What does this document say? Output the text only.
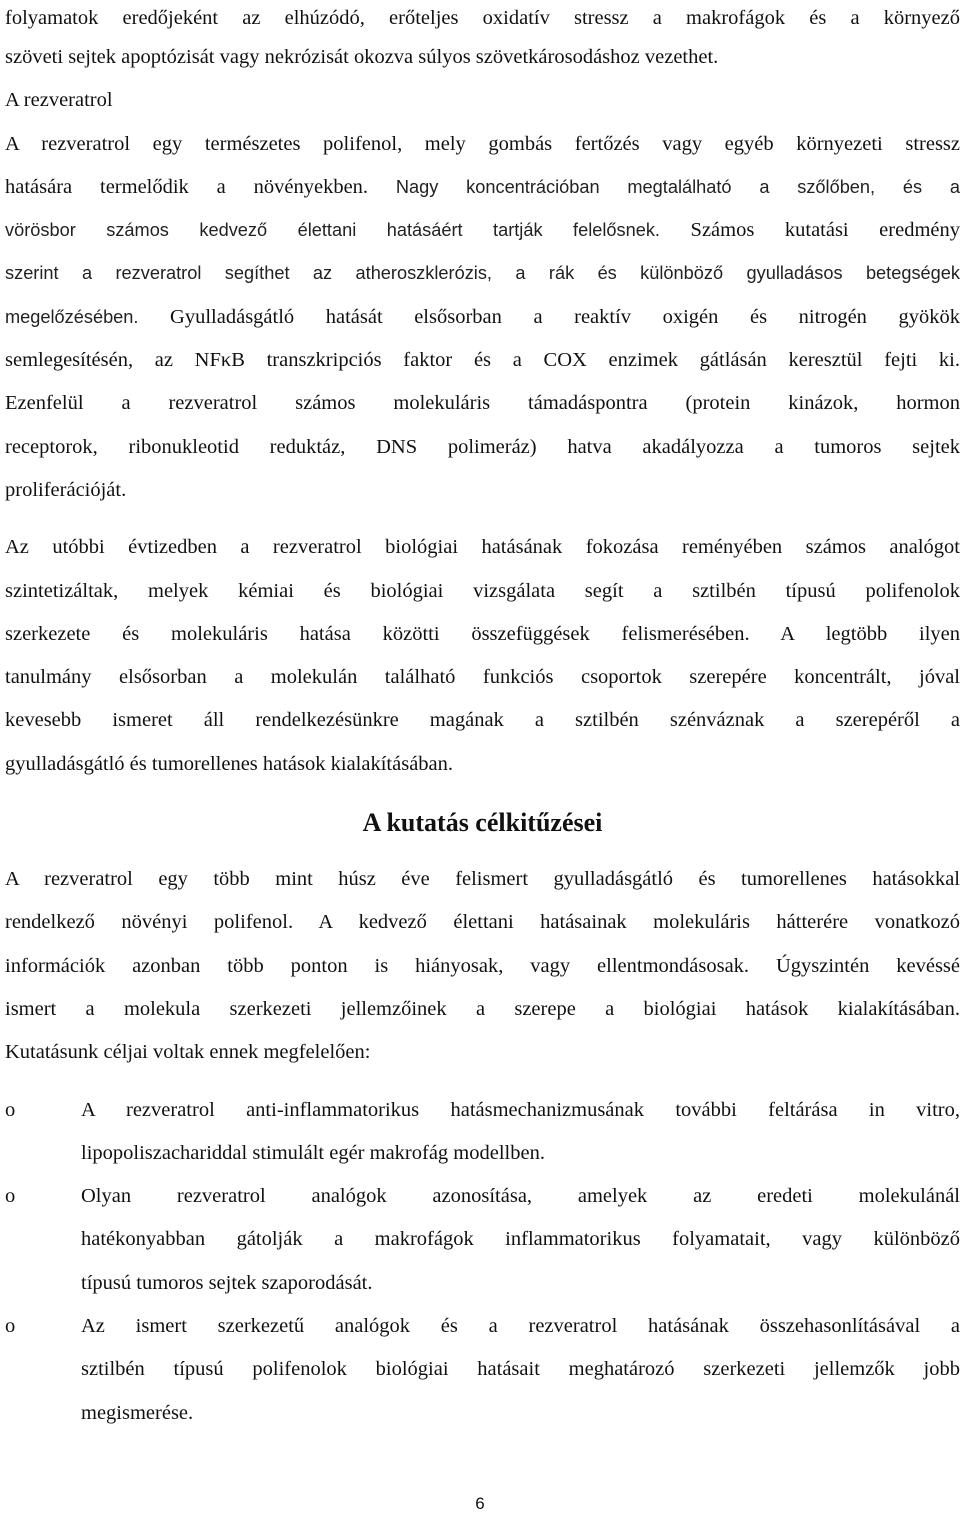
folyamatok eredőjeként az elhúzódó, erőteljes oxidatív stressz a makrofágok és a környező
szöveti sejtek apoptózisát vagy nekrózisát okozva súlyos szövetkárosodáshoz vezethet.
A rezveratrol
A rezveratrol egy természetes polifenol, mely gombás fertőzés vagy egyéb környezeti stressz
hatására termelődik a növényekben. Nagy koncentrációban megtalálható a szőlőben, és a
vörösbor számos kedvező élettani hatásáért tartják felelősnek. Számos kutatási eredmény
szerint a rezveratrol segíthet az atheroszklerózis, a rák és különböző gyulladásos betegségek
megelőzésében. Gyulladásgátló hatását elsősorban a reaktív oxigén és nitrogén gyökök
semlegesítésén, az NFκB transzkripciós faktor és a COX enzimek gátlásán keresztül fejti ki.
Ezenfelül a rezveratrol számos molekuláris támadáspontra (protein kinázok, hormon
receptorok, ribonukleotid reduktáz, DNS polimeráz) hatva akadályozza a tumoros sejtek
proliferációját.
Az utóbbi évtizedben a rezveratrol biológiai hatásának fokozása reményében számos analógot
szintetizáltak, melyek kémiai és biológiai vizsgálata segít a sztilbén típusú polifenolok
szerkezete és molekuláris hatása közötti összefüggések felismerésében. A legtöbb ilyen
tanulmány elsősorban a molekulán található funkciós csoportok szerepére koncentrált, jóval
kevesebb ismeret áll rendelkezésünkre magának a sztilbén szénváznak a szerepéről a
gyulladásgátló és tumorellenes hatások kialakításában.
A kutatás célkitűzései
A rezveratrol egy több mint húsz éve felismert gyulladásgátló és tumorellenes hatásokkal
rendelkező növényi polifenol. A kedvező élettani hatásainak molekuláris hátterére vonatkozó
információk azonban több ponton is hiányosak, vagy ellentmondásosak. Úgyszintén kevéssé
ismert a molekula szerkezeti jellemzőinek a szerepe a biológiai hatások kialakításában.
Kutatásunk céljai voltak ennek megfelelően:
o	A rezveratrol anti-inflammatorikus hatásmechanizmusának további feltárása in vitro,
lipopoliszachariddal stimulált egér makrofág modellben.
o	Olyan rezveratrol analógok azonosítása, amelyek az eredeti molekulánál
hatékonyabban gátolják a makrofágok inflammatorikus folyamatait, vagy különböző
típusú tumoros sejtek szaporodását.
o	Az ismert szerkezetű analógok és a rezveratrol hatásának összehasonlításával a
sztilbén típusú polifenolok biológiai hatásait meghatározó szerkezeti jellemzők jobb
megismerése.
6
